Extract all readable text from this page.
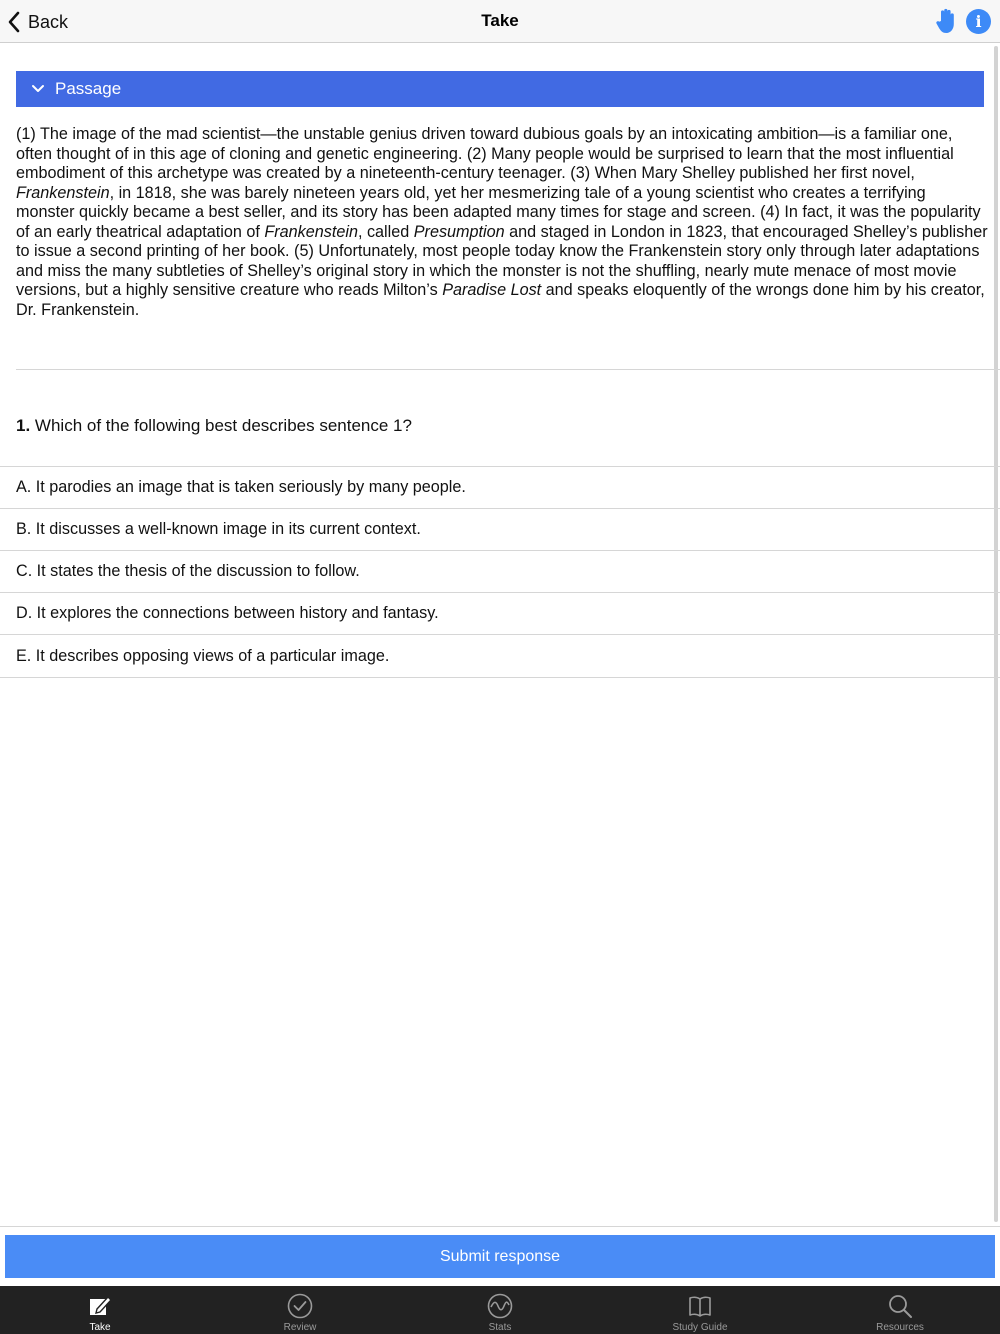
Back	Take	i
Passage

(1) The image of the mad scientist—the unstable genius driven toward dubious goals by an intoxicating ambition—is a familiar one, often thought of in this age of cloning and genetic engineering. (2) Many people would be surprised to learn that the most influential embodiment of this archetype was created by a nineteenth-century teenager. (3) When Mary Shelley published her first novel, Frankenstein, in 1818, she was barely nineteen years old, yet her mesmerizing tale of a young scientist who creates a terrifying monster quickly became a best seller, and its story has been adapted many times for stage and screen. (4) In fact, it was the popularity of an early theatrical adaptation of Frankenstein, called Presumption and staged in London in 1823, that encouraged Shelley’s publisher to issue a second printing of her book. (5) Unfortunately, most people today know the Frankenstein story only through later adaptations and miss the many subtleties of Shelley’s original story in which the monster is not the shuffling, nearly mute menace of most movie versions, but a highly sensitive creature who reads Milton’s Paradise Lost and speaks eloquently of the wrongs done him by his creator, Dr. Frankenstein.

1. Which of the following best describes sentence 1?
A. It parodies an image that is taken seriously by many people.
B. It discusses a well-known image in its current context.
C. It states the thesis of the discussion to follow.
D. It explores the connections between history and fantasy.
E. It describes opposing views of a particular image.
Submit response
Take	Review	Stats	Study Guide	Resources
